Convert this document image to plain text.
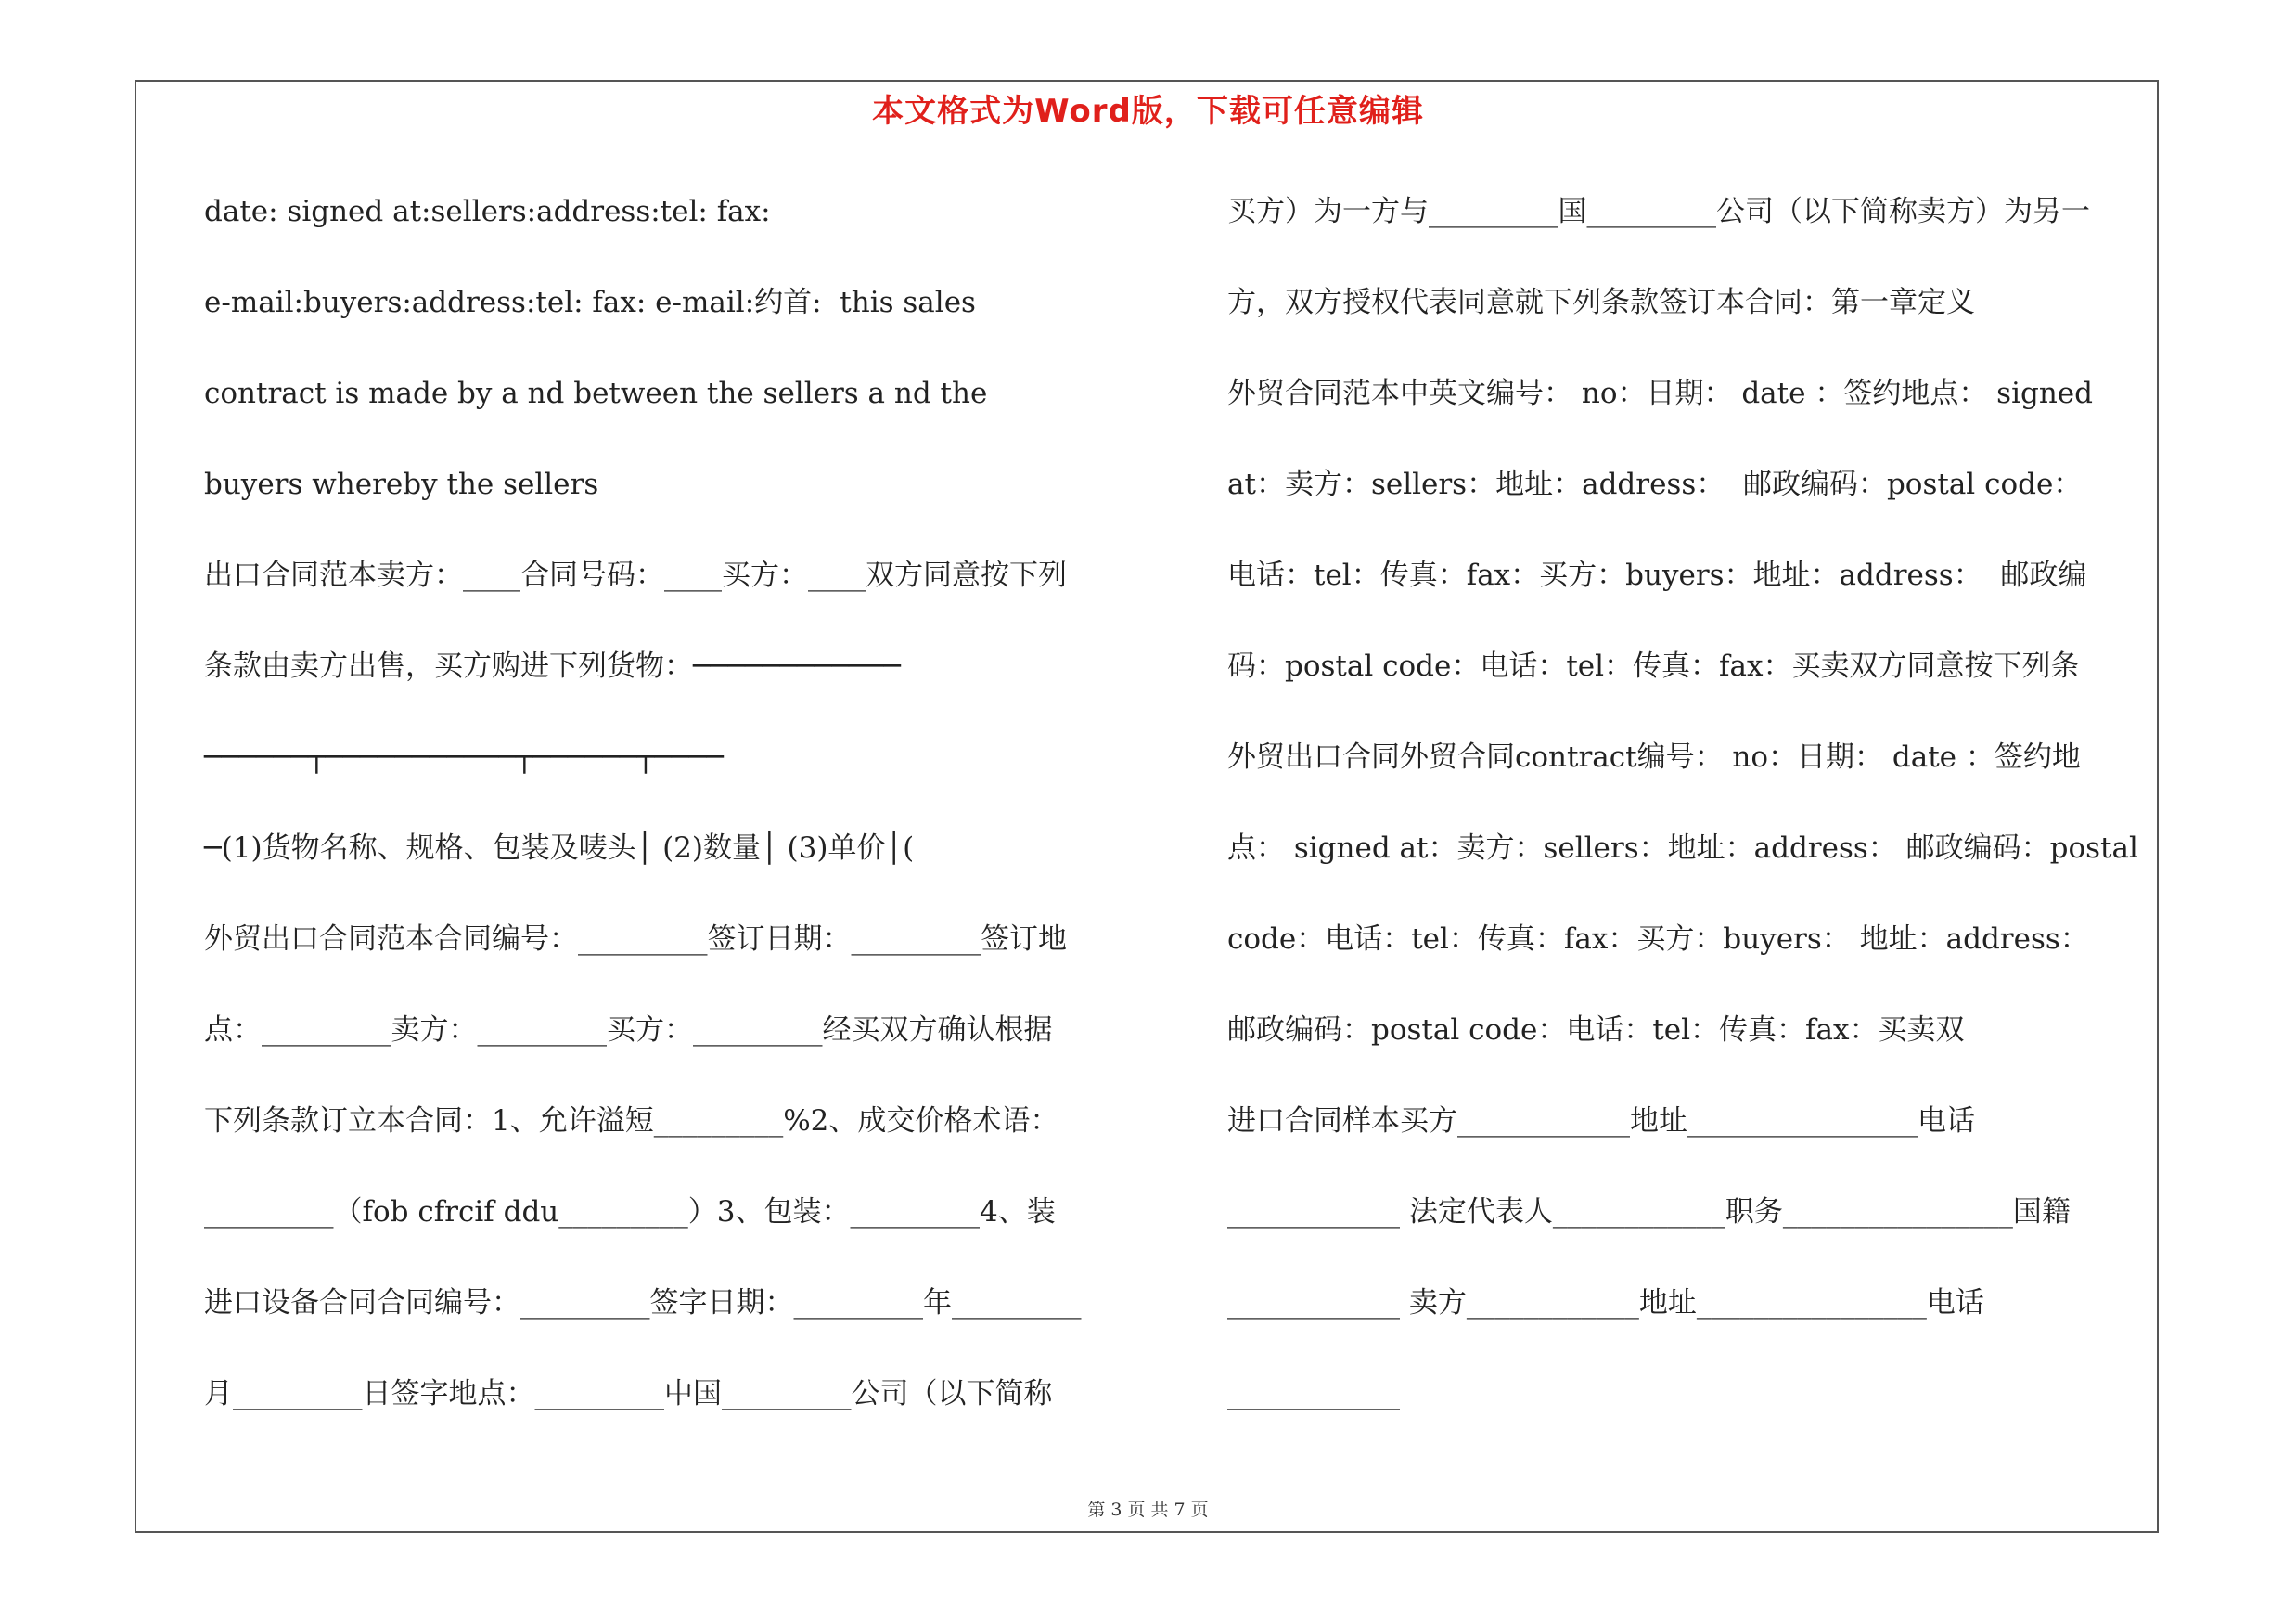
本文格式为Word版，下载可任意编辑
date: signed at:sellers:address:tel: fax:
e-mail:buyers:address:tel: fax: e-mail:约首:  this sales
contract is made by a nd between the sellers a nd the
buyers whereby the sellers
出口合同范本卖方：____合同号码：____买方：____双方同意按下列
条款由卖方出售，买方购进下列货物：────────────
──────┬───────────┬──────┬────
─(1)货物名称、规格、包装及唛头│ (2)数量│ (3)单价│(
外贸出口合同范本合同编号：_________签订日期：_________签订地
点：_________卖方：_________买方：_________经买双方确认根据
下列条款订立本合同：1、允许溢短_________%2、成交价格术语：
_________（fob cfrcif ddu_________）3、包装：_________4、装
进口设备合同合同编号：_________签字日期：_________年_________
月_________日签字地点：_________中国_________公司（以下简称
买方）为一方与_________国_________公司（以下简称卖方）为另一
方，双方授权代表同意就下列条款签订本合同：第一章定义
外贸合同范本中英文编号： no：日期： date ：签约地点： signed
at：卖方：sellers：地址：address：  邮政编码：postal code：
电话：tel：传真：fax：买方：buyers：地址：address：  邮政编
码：postal code：电话：tel：传真：fax：买卖双方同意按下列条
外贸出口合同外贸合同contract编号： no：日期： date ：签约地
点： signed at：卖方：sellers：地址：address： 邮政编码：postal
code：电话：tel：传真：fax：买方：buyers： 地址：address：
邮政编码：postal code：电话：tel：传真：fax：买卖双
进口合同样本买方____________地址________________电话
____________ 法定代表人____________职务________________国籍
____________ 卖方____________地址________________电话
____________
第 3 页 共 7 页
